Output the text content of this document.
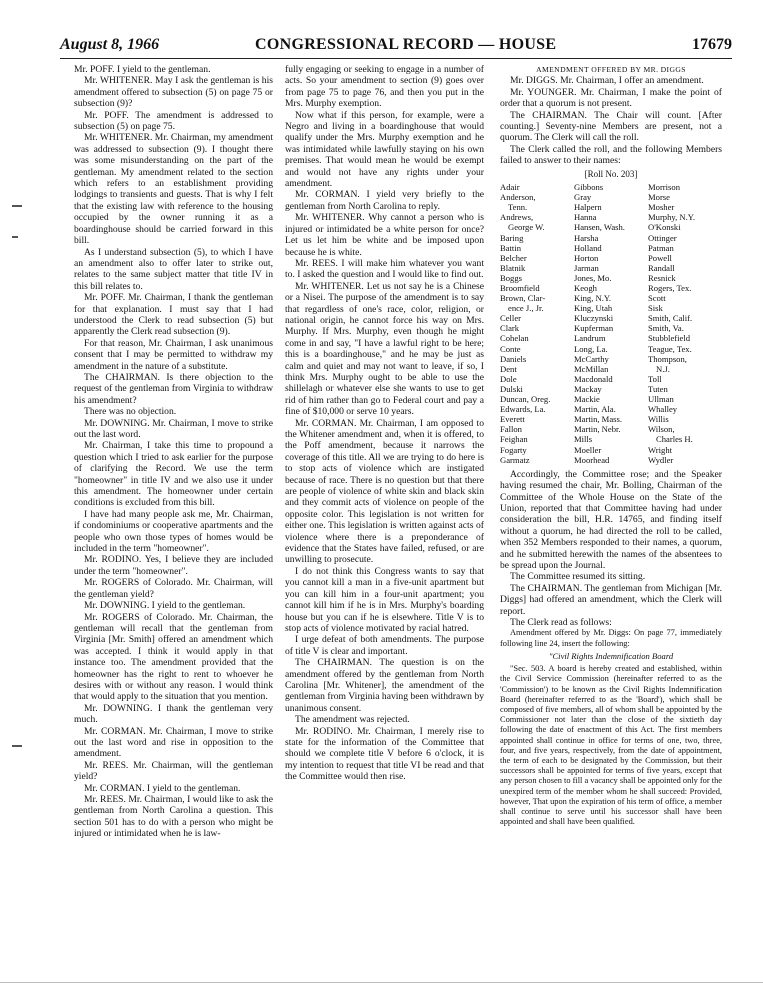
August 8, 1966	CONGRESSIONAL RECORD — HOUSE	17679

Mr. POFF. I yield to the gentleman.

Mr. WHITENER. May I ask the gentleman is his amendment offered to subsection (5) on page 75 or subsection (9)?

Mr. POFF. The amendment is addressed to subsection (5) on page 75.

Mr. WHITENER. Mr. Chairman, my amendment was addressed to subsection (9). I thought there was some misunderstanding on the part of the gentleman. My amendment related to the section which refers to an establishment providing lodgings to transients and guests. That is why I felt that the existing law with reference to the housing occupied by the owner running it as a boardinghouse should be carried forward in this bill.

As I understand subsection (5), to which I have an amendment also to offer later to strike out, relates to the same subject matter that title IV in this bill relates to.

Mr. POFF. Mr. Chairman, I thank the gentleman for that explanation. I must say that I had understood the Clerk to read subsection (5) but apparently the Clerk read subsection (9).

For that reason, Mr. Chairman, I ask unanimous consent that I may be permitted to withdraw my amendment in the nature of a substitute.

The CHAIRMAN. Is there objection to the request of the gentleman from Virginia to withdraw his amendment?

There was no objection.

Mr. DOWNING. Mr. Chairman, I move to strike out the last word.

Mr. Chairman, I take this time to propound a question which I tried to ask earlier for the purpose of clarifying the Record. We use the term "homeowner" in title IV and we also use it under this amendment. The homeowner under certain conditions is excluded from this bill.

I have had many people ask me, Mr. Chairman, if condominiums or cooperative apartments and the people who own those types of homes would be included in the term "homeowner".

Mr. RODINO. Yes, I believe they are included under the term "homeowner".

Mr. ROGERS of Colorado. Mr. Chairman, will the gentleman yield?

Mr. DOWNING. I yield to the gentleman.

Mr. ROGERS of Colorado. Mr. Chairman, the gentleman will recall that the gentleman from Virginia [Mr. Smith] offered an amendment which was accepted. I think it would apply in that instance too. The amendment provided that the homeowner has the right to rent to whoever he desires with or without any reason. I would think that would apply to the situation that you mention.

Mr. DOWNING. I thank the gentleman very much.

Mr. CORMAN. Mr. Chairman, I move to strike out the last word and rise in opposition to the amendment.

Mr. REES. Mr. Chairman, will the gentleman yield?

Mr. CORMAN. I yield to the gentleman.

Mr. REES. Mr. Chairman, I would like to ask the gentleman from North Carolina a question. This section 501 has to do with a person who might be injured or intimidated when he is law-

fully engaging or seeking to engage in a number of acts. So your amendment to section (9) goes over from page 75 to page 76, and then you put in the Mrs. Murphy exemption.

Now what if this person, for example, were a Negro and living in a boardinghouse that would qualify under the Mrs. Murphy exemption and he was intimidated while lawfully staying on his own premises. That would mean he would be exempt and would not have any rights under your amendment.

Mr. CORMAN. I yield very briefly to the gentleman from North Carolina to reply.

Mr. WHITENER. Why cannot a person who is injured or intimidated be a white person for once? Let us let him be white and be imposed upon because he is white.

Mr. REES. I will make him whatever you want to. I asked the question and I would like to find out.

Mr. WHITENER. Let us not say he is a Chinese or a Nisei. The purpose of the amendment is to say that regardless of one's race, color, religion, or national origin, he cannot force his way on Mrs. Murphy. If Mrs. Murphy, even though he might come in and say, "I have a lawful right to be here; this is a boardinghouse," and he may be just as calm and quiet and may not want to leave, if so, I think Mrs. Murphy ought to be able to use the shillelagh or whatever else she wants to use to get rid of him rather than go to Federal court and pay a fine of $10,000 or serve 10 years.

Mr. CORMAN. Mr. Chairman, I am opposed to the Whitener amendment and, when it is offered, to the Poff amendment, because it narrows the coverage of this title. All we are trying to do here is to stop acts of violence which are instigated because of race. There is no question but that there are people of violence of white skin and black skin and they commit acts of violence on people of the opposite color. This legislation is not written for either one. This legislation is written against acts of violence where there is a preponderance of evidence that the States have failed, refused, or are unwilling to prosecute.

I do not think this Congress wants to say that you cannot kill a man in a five-unit apartment but you can kill him in a four-unit apartment; you cannot kill him if he is in Mrs. Murphy's boarding house but you can if he is elsewhere. Title V is to stop acts of violence motivated by racial hatred.

I urge defeat of both amendments. The purpose of title V is clear and important.

The CHAIRMAN. The question is on the amendment offered by the gentleman from North Carolina [Mr. Whitener], the amendment of the gentleman from Virginia having been withdrawn by unanimous consent.

The amendment was rejected.

Mr. RODINO. Mr. Chairman, I merely rise to state for the information of the Committee that should we complete title V before 6 o'clock, it is my intention to request that title VI be read and that the Committee would then rise.

AMENDMENT OFFERED BY MR. DIGGS

Mr. DIGGS. Mr. Chairman, I offer an amendment.

Mr. YOUNGER. Mr. Chairman, I make the point of order that a quorum is not present.

The CHAIRMAN. The Chair will count. [After counting.] Seventy-nine Members are present, not a quorum. The Clerk will call the roll.

The Clerk called the roll, and the following Members failed to answer to their names:

[Roll No. 203]

Adair
Anderson,
Tenn.
Andrews,
George W.
Baring
Battin
Belcher
Blatnik
Boggs
Broomfield
Brown, Clar-
ence J., Jr.
Celler
Clark
Cohelan
Conte
Daniels
Dent
Dole
Dulski
Duncan, Oreg.
Edwards, La.
Everett
Fallon
Feighan
Fogarty
Garmatz
Gibbons
Gray
Halpern
Hanna
Hansen, Wash.
Harsha
Holland
Horton
Jarman
Jones, Mo.
Keogh
King, N.Y.
King, Utah
Kluczynski
Kupferman
Landrum
Long, La.
McCarthy
McMillan
Macdonald
Mackay
Mackie
Martin, Ala.
Martin, Mass.
Martin, Nebr.
Mills
Moeller
Moorhead
Morrison
Morse
Mosher
Murphy, N.Y.
O'Konski
Ottinger
Patman
Powell
Randall
Resnick
Rogers, Tex.
Scott
Sisk
Smith, Calif.
Smith, Va.
Stubblefield
Teague, Tex.
Thompson,
N.J.
Toll
Tuten
Ullman
Whalley
Willis
Wilson,
Charles H.
Wright
Wydler

Accordingly, the Committee rose; and the Speaker having resumed the chair, Mr. Bolling, Chairman of the Committee of the Whole House on the State of the Union, reported that that Committee having had under consideration the bill, H.R. 14765, and finding itself without a quorum, he had directed the roll to be called, when 352 Members responded to their names, a quorum, and he submitted herewith the names of the absentees to be spread upon the Journal.

The Committee resumed its sitting.

The CHAIRMAN. The gentleman from Michigan [Mr. Diggs] had offered an amendment, which the Clerk will report.

The Clerk read as follows:

Amendment offered by Mr. Diggs: On page 77, immediately following line 24, insert the following:

"Civil Rights Indemnification Board

"Sec. 503. A board is hereby created and established, within the Civil Service Commission (hereinafter referred to as the 'Commission') to be known as the Civil Rights Indemnification Board (hereinafter referred to as the 'Board'), which shall be composed of five members, all of whom shall be appointed by the Commissioner not later than the close of the sixtieth day following the date of enactment of this Act. The first members appointed shall continue in office for terms of one, two, three, four, and five years, respectively, from the date of appointment, the term of each to be designated by the Commission, but their successors shall be appointed for terms of five years, except that any person chosen to fill a vacancy shall be appointed only for the unexpired term of the member whom he shall succeed: Provided, however, That upon the expiration of his term of office, a member shall continue to serve until his successor shall have been appointed and shall have been qualified.
